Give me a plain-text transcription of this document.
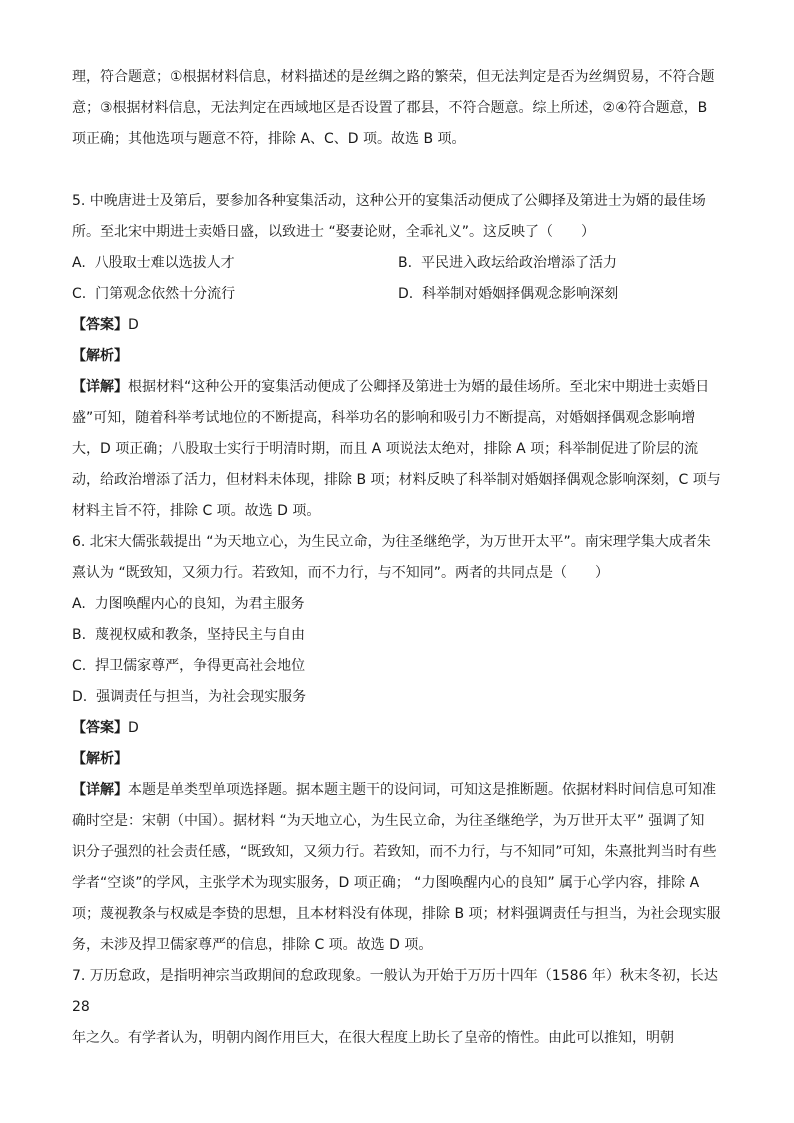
理，符合题意；①根据材料信息，材料描述的是丝绸之路的繁荣，但无法判定是否为丝绸贸易，不符合题

意；③根据材料信息，无法判定在西域地区是否设置了郡县，不符合题意。综上所述，②④符合题意，B

项正确；其他选项与题意不符，排除 A、C、D 项。故选 B 项。

5. 中晚唐进士及第后，要参加各种宴集活动，这种公开的宴集活动便成了公卿择及第进士为婿的最佳场

所。至北宋中期进士卖婚日盛，以致进士 “娶妻论财，全乖礼义”。这反映了（　　）

A. 八股取士难以选拔人才	B. 平民进入政坛给政治增添了活力
C. 门第观念依然十分流行	D. 科举制对婚姻择偶观念影响深刻

【答案】D

【解析】

【详解】根据材料“这种公开的宴集活动便成了公卿择及第进士为婿的最佳场所。至北宋中期进士卖婚日

盛”可知，随着科举考试地位的不断提高，科举功名的影响和吸引力不断提高，对婚姻择偶观念影响增

大，D 项正确；八股取士实行于明清时期，而且 A 项说法太绝对，排除 A 项；科举制促进了阶层的流

动，给政治增添了活力，但材料未体现，排除 B 项；材料反映了科举制对婚姻择偶观念影响深刻，C 项与

材料主旨不符，排除 C 项。故选 D 项。

6. 北宋大儒张载提出 “为天地立心，为生民立命，为往圣继绝学，为万世开太平”。南宋理学集大成者朱

熹认为 “既致知，又须力行。若致知，而不力行，与不知同”。两者的共同点是（　　）

A. 力图唤醒内心的良知，为君主服务

B. 蔑视权威和教条，坚持民主与自由

C. 捍卫儒家尊严，争得更高社会地位

D. 强调责任与担当，为社会现实服务

【答案】D

【解析】

【详解】本题是单类型单项选择题。据本题主题干的设问词，可知这是推断题。依据材料时间信息可知准

确时空是：宋朝（中国）。据材料 “为天地立心，为生民立命，为往圣继绝学，为万世开太平” 强调了知

识分子强烈的社会责任感，“既致知，又须力行。若致知，而不力行，与不知同”可知，朱熹批判当时有些

学者“空谈”的学风，主张学术为现实服务，D 项正确； “力图唤醒内心的良知” 属于心学内容，排除 A

项；蔑视教条与权威是李贽的思想，且本材料没有体现，排除 B 项；材料强调责任与担当，为社会现实服

务，未涉及捍卫儒家尊严的信息，排除 C 项。故选 D 项。

7. 万历怠政，是指明神宗当政期间的怠政现象。一般认为开始于万历十四年（1586 年）秋末冬初，长达 28

年之久。有学者认为，明朝内阁作用巨大，在很大程度上助长了皇帝的惰性。由此可以推知，明朝
